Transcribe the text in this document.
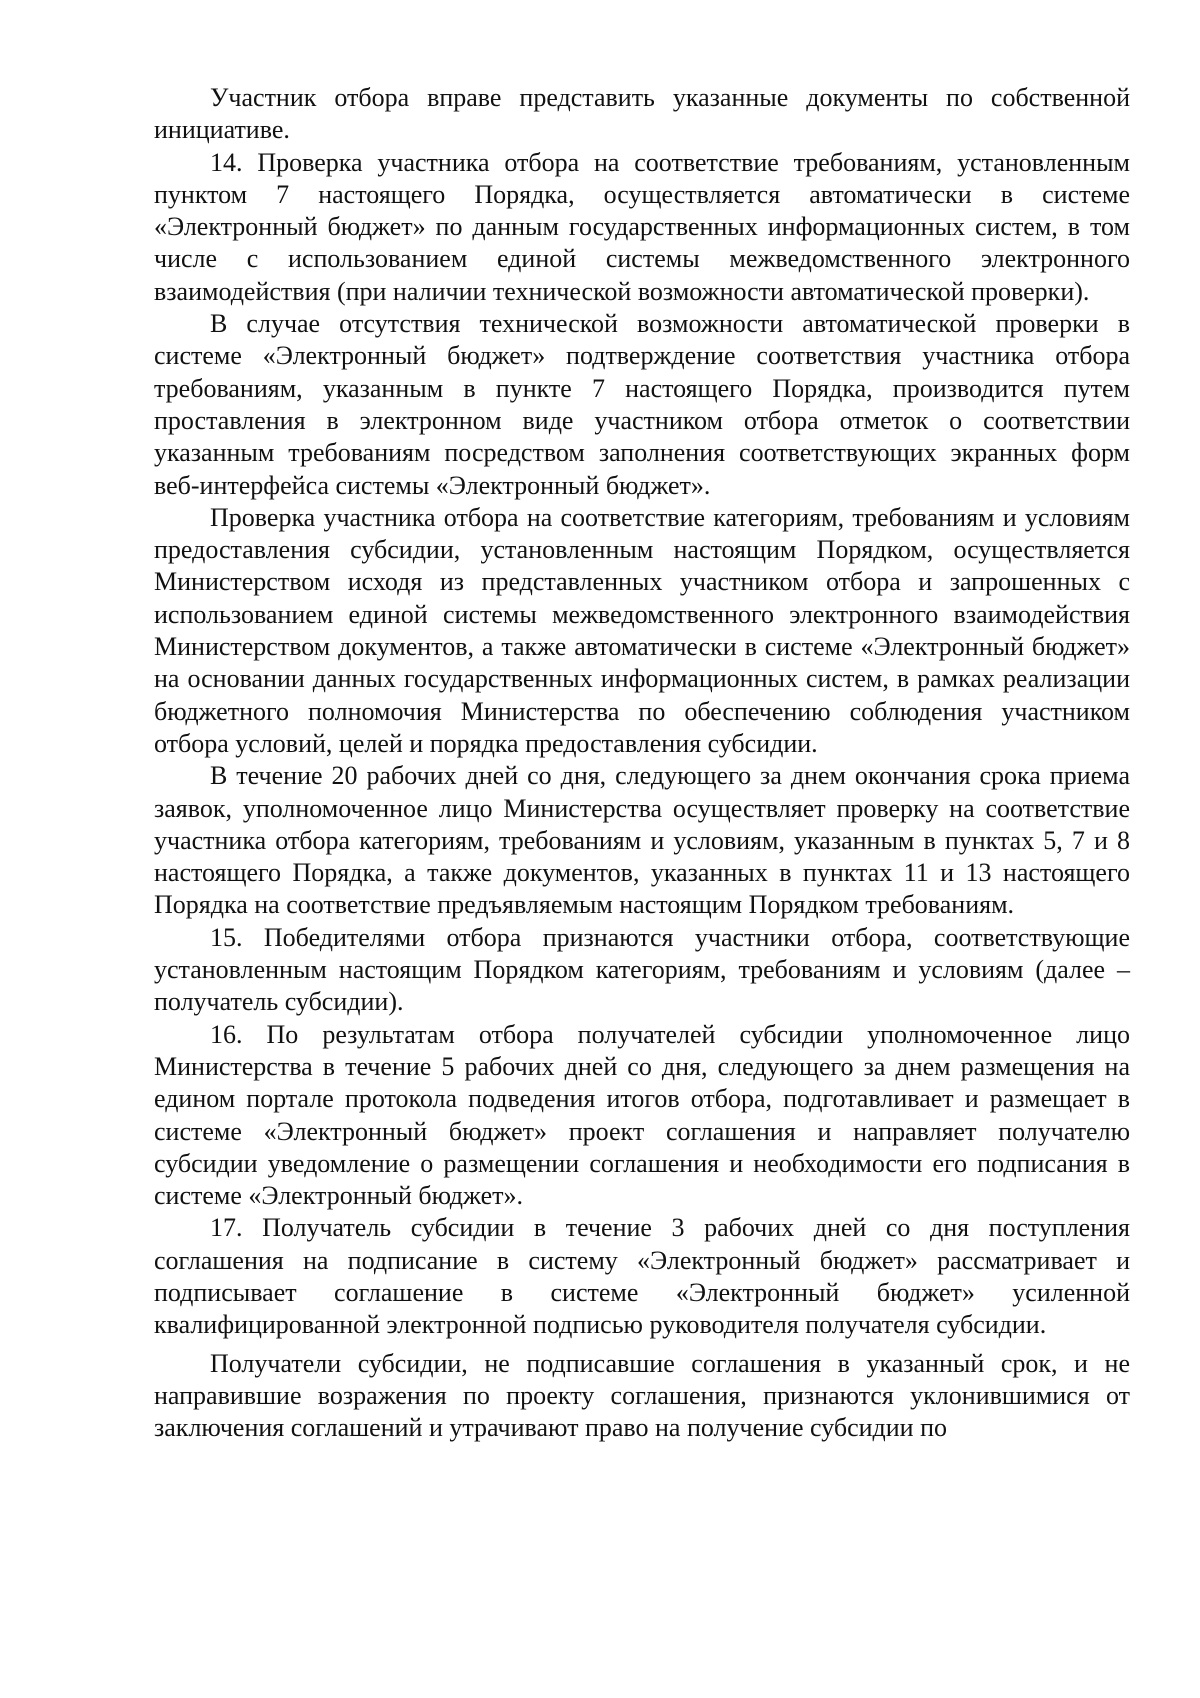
Участник отбора вправе представить указанные документы по собственной инициативе.

14. Проверка участника отбора на соответствие требованиям, установленным пунктом 7 настоящего Порядка, осуществляется автоматически в системе «Электронный бюджет» по данным государственных информационных систем, в том числе с использованием единой системы межведомственного электронного взаимодействия (при наличии технической возможности автоматической проверки).

В случае отсутствия технической возможности автоматической проверки в системе «Электронный бюджет» подтверждение соответствия участника отбора требованиям, указанным в пункте 7 настоящего Порядка, производится путем проставления в электронном виде участником отбора отметок о соответствии указанным требованиям посредством заполнения соответствующих экранных форм веб-интерфейса системы «Электронный бюджет».

Проверка участника отбора на соответствие категориям, требованиям и условиям предоставления субсидии, установленным настоящим Порядком, осуществляется Министерством исходя из представленных участником отбора и запрошенных с использованием единой системы межведомственного электронного взаимодействия Министерством документов, а также автоматически в системе «Электронный бюджет» на основании данных государственных информационных систем, в рамках реализации бюджетного полномочия Министерства по обеспечению соблюдения участником отбора условий, целей и порядка предоставления субсидии.

В течение 20 рабочих дней со дня, следующего за днем окончания срока приема заявок, уполномоченное лицо Министерства осуществляет проверку на соответствие участника отбора категориям, требованиям и условиям, указанным в пунктах 5, 7 и 8 настоящего Порядка, а также документов, указанных в пунктах 11 и 13 настоящего Порядка на соответствие предъявляемым настоящим Порядком требованиям.

15. Победителями отбора признаются участники отбора, соответствующие установленным настоящим Порядком категориям, требованиям и условиям (далее – получатель субсидии).

16. По результатам отбора получателей субсидии уполномоченное лицо Министерства в течение 5 рабочих дней со дня, следующего за днем размещения на едином портале протокола подведения итогов отбора, подготавливает и размещает в системе «Электронный бюджет» проект соглашения и направляет получателю субсидии уведомление о размещении соглашения и необходимости его подписания в системе «Электронный бюджет».

17. Получатель субсидии в течение 3 рабочих дней со дня поступления соглашения на подписание в систему «Электронный бюджет» рассматривает и подписывает соглашение в системе «Электронный бюджет» усиленной квалифицированной электронной подписью руководителя получателя субсидии.

Получатели субсидии, не подписавшие соглашения в указанный срок, и не направившие возражения по проекту соглашения, признаются уклонившимися от заключения соглашений и утрачивают право на получение субсидии по
